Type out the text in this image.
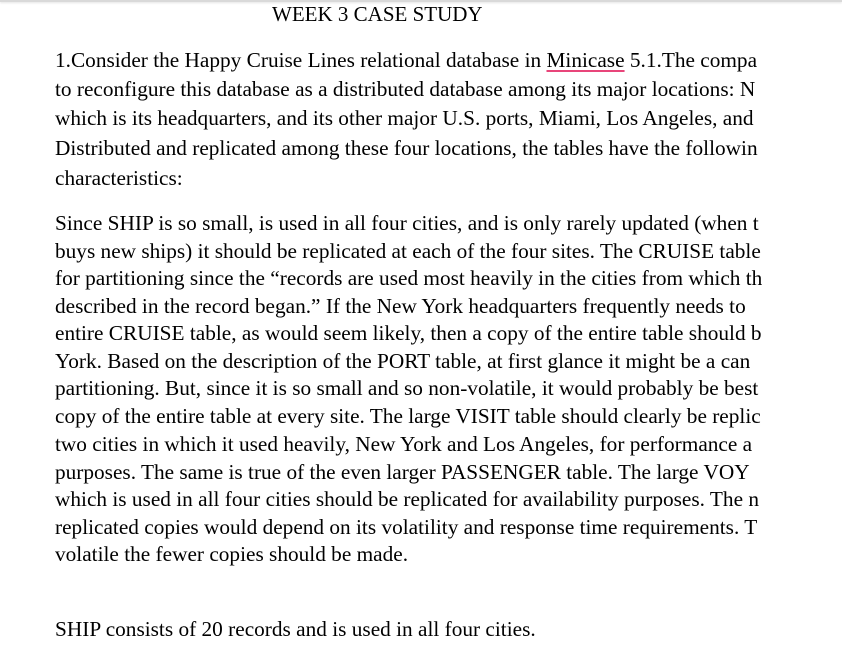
WEEK 3 CASE STUDY
1.Consider the Happy Cruise Lines relational database in Minicase 5.1.The compa
to reconfigure this database as a distributed database among its major locations: N
which is its headquarters, and its other major U.S. ports, Miami, Los Angeles, and
Distributed and replicated among these four locations, the tables have the followin
characteristics:
Since SHIP is so small, is used in all four cities, and is only rarely updated (when t
buys new ships) it should be replicated at each of the four sites. The CRUISE table
for partitioning since the “records are used most heavily in the cities from which th
described in the record began.” If the New York headquarters frequently needs to
entire CRUISE table, as would seem likely, then a copy of the entire table should b
York. Based on the description of the PORT table, at first glance it might be a can
partitioning. But, since it is so small and so non-volatile, it would probably be best
copy of the entire table at every site. The large VISIT table should clearly be replic
two cities in which it used heavily, New York and Los Angeles, for performance a
purposes. The same is true of the even larger PASSENGER table. The large VOY
which is used in all four cities should be replicated for availability purposes. The n
replicated copies would depend on its volatility and response time requirements. T
volatile the fewer copies should be made.
SHIP consists of 20 records and is used in all four cities.
